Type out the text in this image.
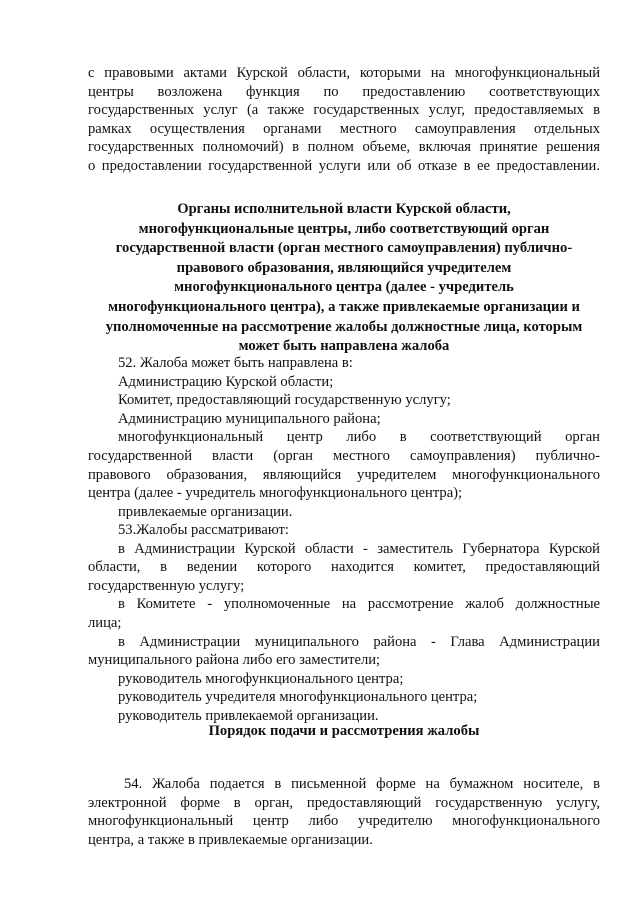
с правовыми актами Курской области, которыми на многофункциональный
центры возложена функция по предоставлению соответствующих
государственных услуг (а также государственных услуг, предоставляемых в
рамках осуществления органами местного самоуправления отдельных
государственных полномочий) в полном объеме, включая принятие решения
о предоставлении государственной услуги или об отказе в ее предоставлении.
Органы исполнительной власти Курской области,
многофункциональные центры, либо соответствующий орган
государственной власти (орган местного самоуправления) публично-
правового образования, являющийся учредителем
многофункционального центра (далее - учредитель
многофункционального центра), а также привлекаемые организации и
уполномоченные на рассмотрение жалобы должностные лица, которым
может быть направлена жалоба
52. Жалоба может быть направлена в:
Администрацию Курской области;
Комитет, предоставляющий государственную услугу;
Администрацию муниципального района;
многофункциональный центр либо в соответствующий орган
государственной власти (орган местного самоуправления) публично-
правового образования, являющийся учредителем многофункционального
центра (далее - учредитель многофункционального центра);
привлекаемые организации.
53.Жалобы рассматривают:
в Администрации Курской области - заместитель Губернатора Курской
области, в ведении которого находится комитет, предоставляющий
государственную услугу;
в Комитете - уполномоченные на рассмотрение жалоб должностные
лица;
в Администрации муниципального района - Глава Администрации
муниципального района либо его заместители;
руководитель многофункционального центра;
руководитель учредителя многофункционального центра;
руководитель привлекаемой организации.
Порядок подачи и рассмотрения жалобы
54. Жалоба подается в письменной форме на бумажном носителе, в
электронной форме в орган, предоставляющий государственную услугу,
многофункциональный центр либо учредителю многофункционального
центра, а также в привлекаемые организации.
